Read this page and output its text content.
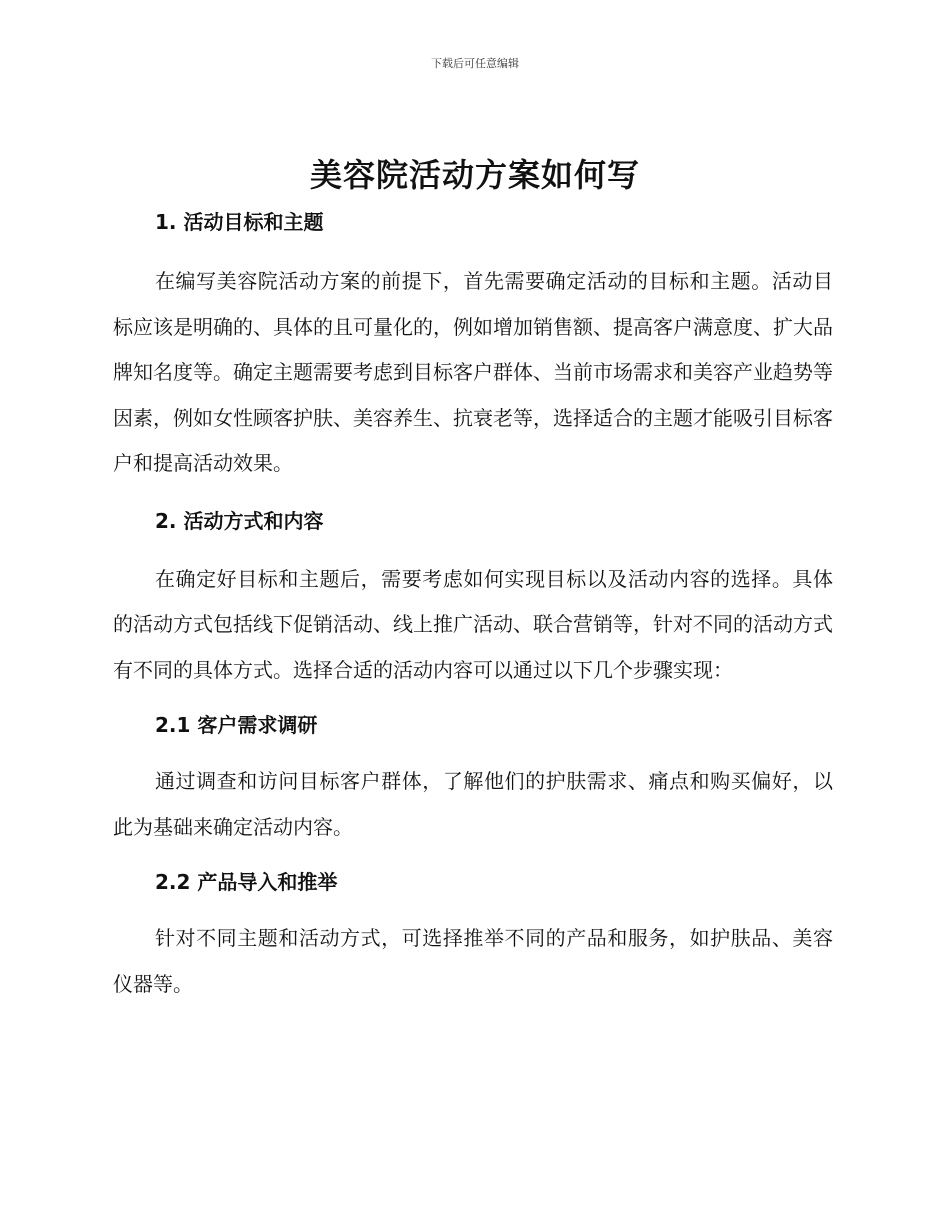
下载后可任意编辑
美容院活动方案如何写
1. 活动目标和主题

在编写美容院活动方案的前提下，首先需要确定活动的目标和主题。活动目标应该是明确的、具体的且可量化的，例如增加销售额、提高客户满意度、扩大品牌知名度等。确定主题需要考虑到目标客户群体、当前市场需求和美容产业趋势等因素，例如女性顾客护肤、美容养生、抗衰老等，选择适合的主题才能吸引目标客户和提高活动效果。

2. 活动方式和内容

在确定好目标和主题后，需要考虑如何实现目标以及活动内容的选择。具体的活动方式包括线下促销活动、线上推广活动、联合营销等，针对不同的活动方式有不同的具体方式。选择合适的活动内容可以通过以下几个步骤实现：

2.1 客户需求调研

通过调查和访问目标客户群体，了解他们的护肤需求、痛点和购买偏好，以此为基础来确定活动内容。

2.2 产品导入和推举

针对不同主题和活动方式，可选择推举不同的产品和服务，如护肤品、美容仪器等。
